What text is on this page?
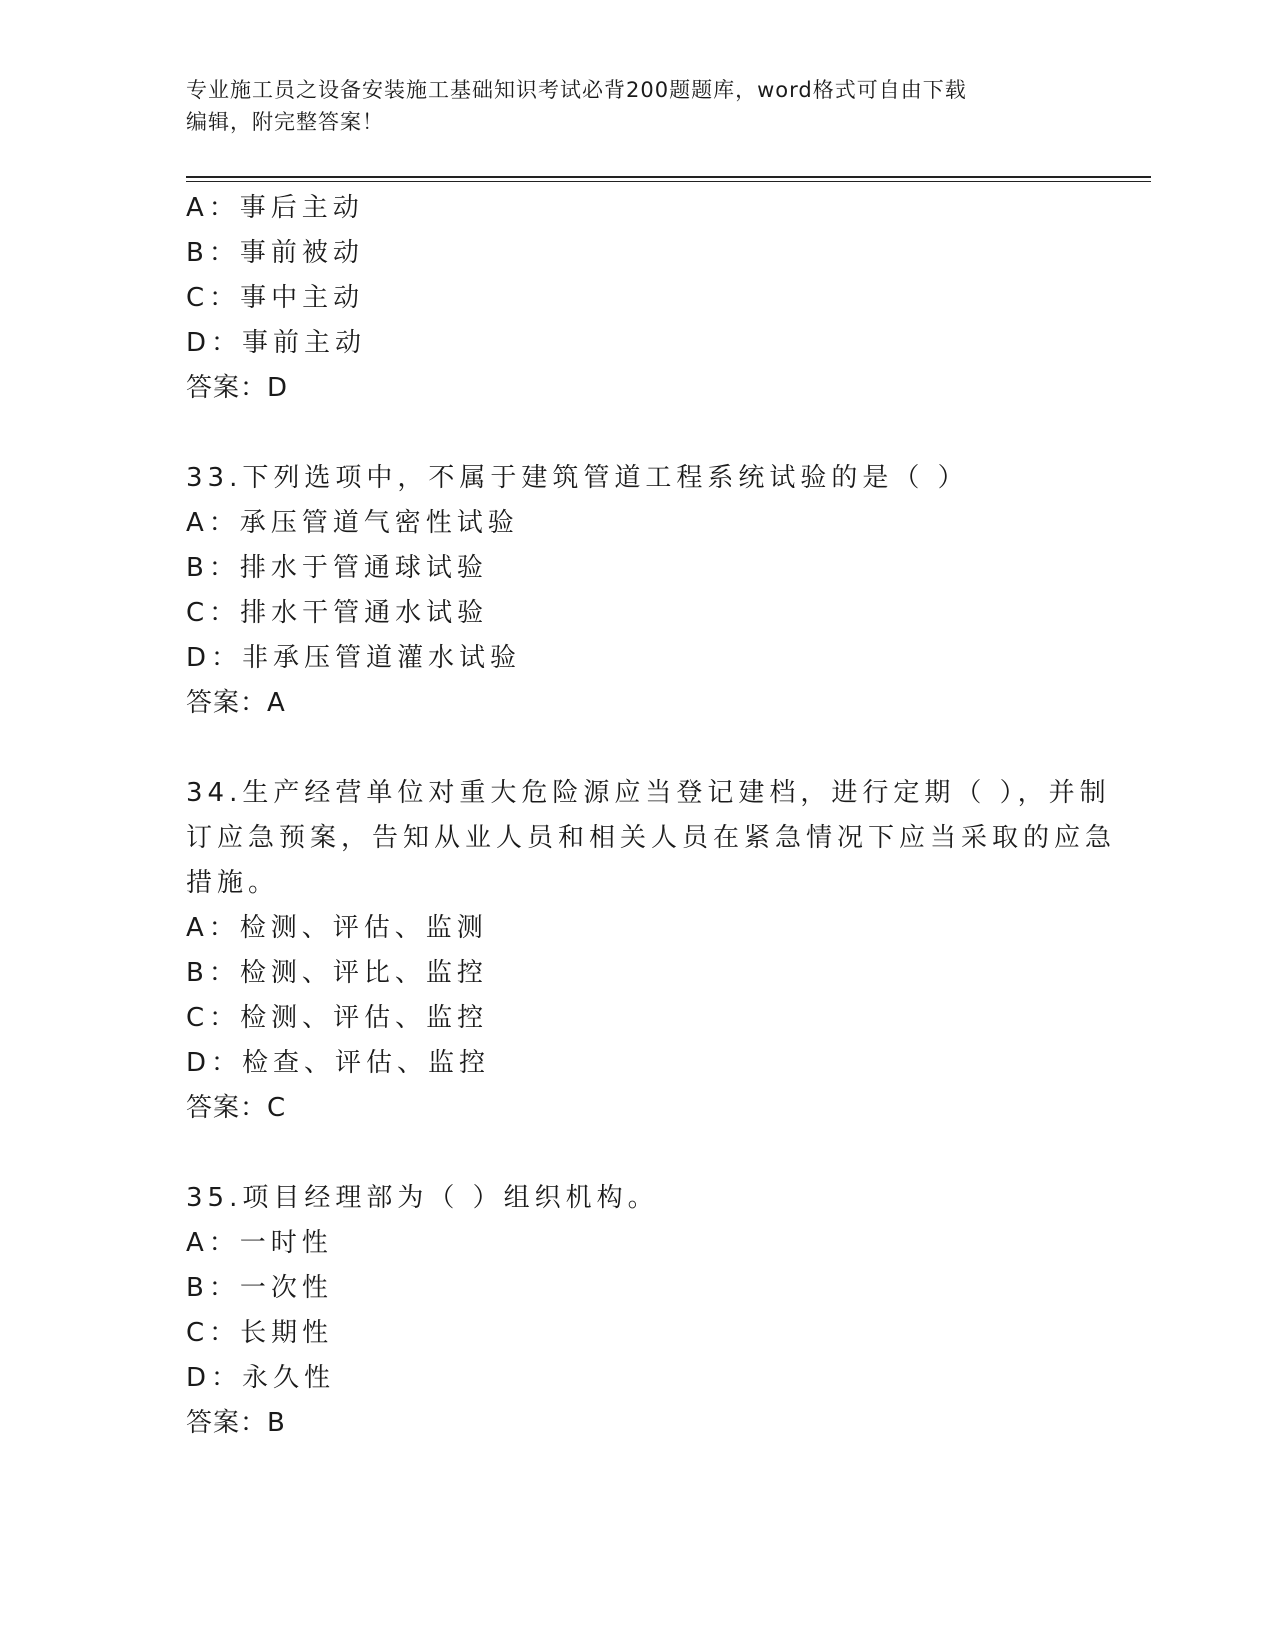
专业施工员之设备安装施工基础知识考试必背200题题库，word格式可自由下载
编辑，附完整答案！
A：事后主动
B：事前被动
C：事中主动
D：事前主动
答案：D
33.下列选项中，不属于建筑管道工程系统试验的是（ ）
A：承压管道气密性试验
B：排水于管通球试验
C：排水干管通水试验
D：非承压管道灌水试验
答案：A
34.生产经营单位对重大危险源应当登记建档，进行定期（ ），并制
订应急预案，告知从业人员和相关人员在紧急情况下应当采取的应急
措施。
A：检测、评估、监测
B：检测、评比、监控
C：检测、评估、监控
D：检查、评估、监控
答案：C
35.项目经理部为（ ）组织机构。
A：一时性
B：一次性
C：长期性
D：永久性
答案：B
